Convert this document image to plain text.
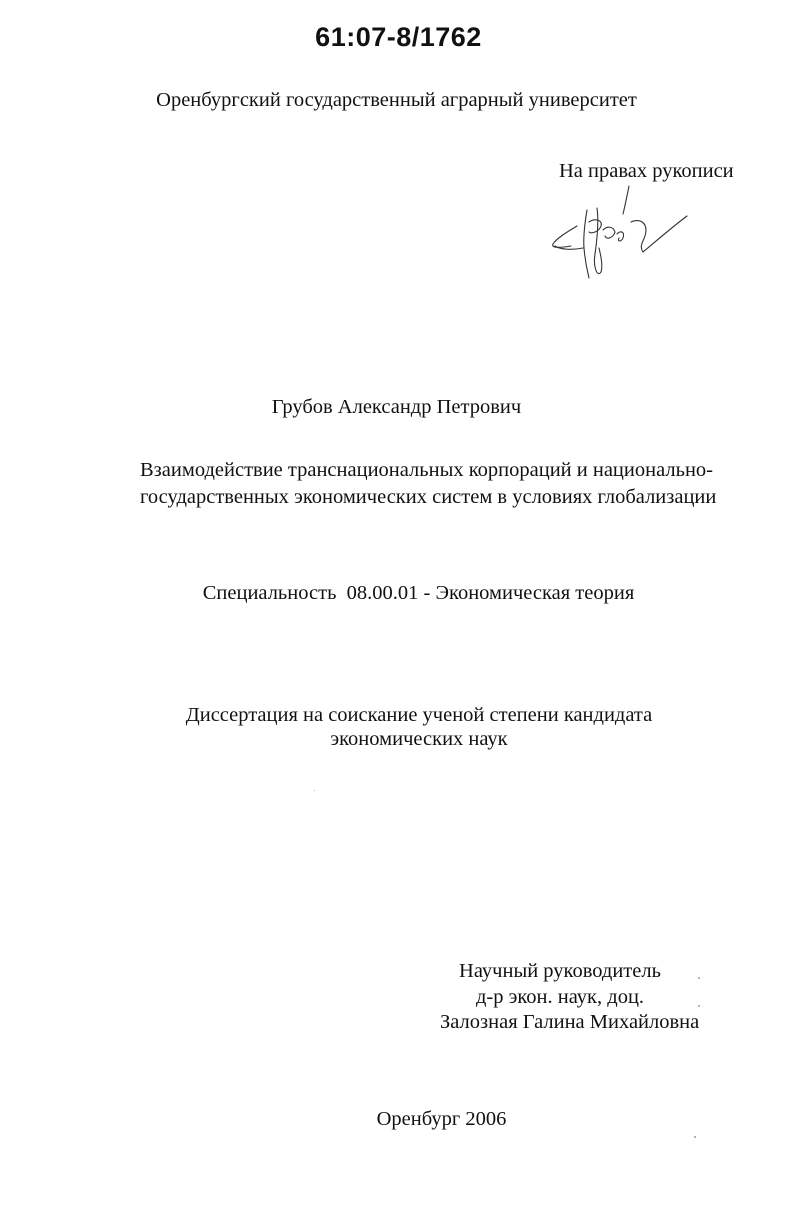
61:07-8/1762
Оренбургский государственный аграрный университет
На правах рукописи
Грубов Александр Петрович
Взаимодействие транснациональных корпораций и национально-
государственных экономических систем в условиях глобализации
Специальность  08.00.01 - Экономическая теория
Диссертация на соискание ученой степени кандидата
экономических наук
Научный руководитель
д-р экон. наук, доц.
Залозная Галина Михайловна
Оренбург 2006
